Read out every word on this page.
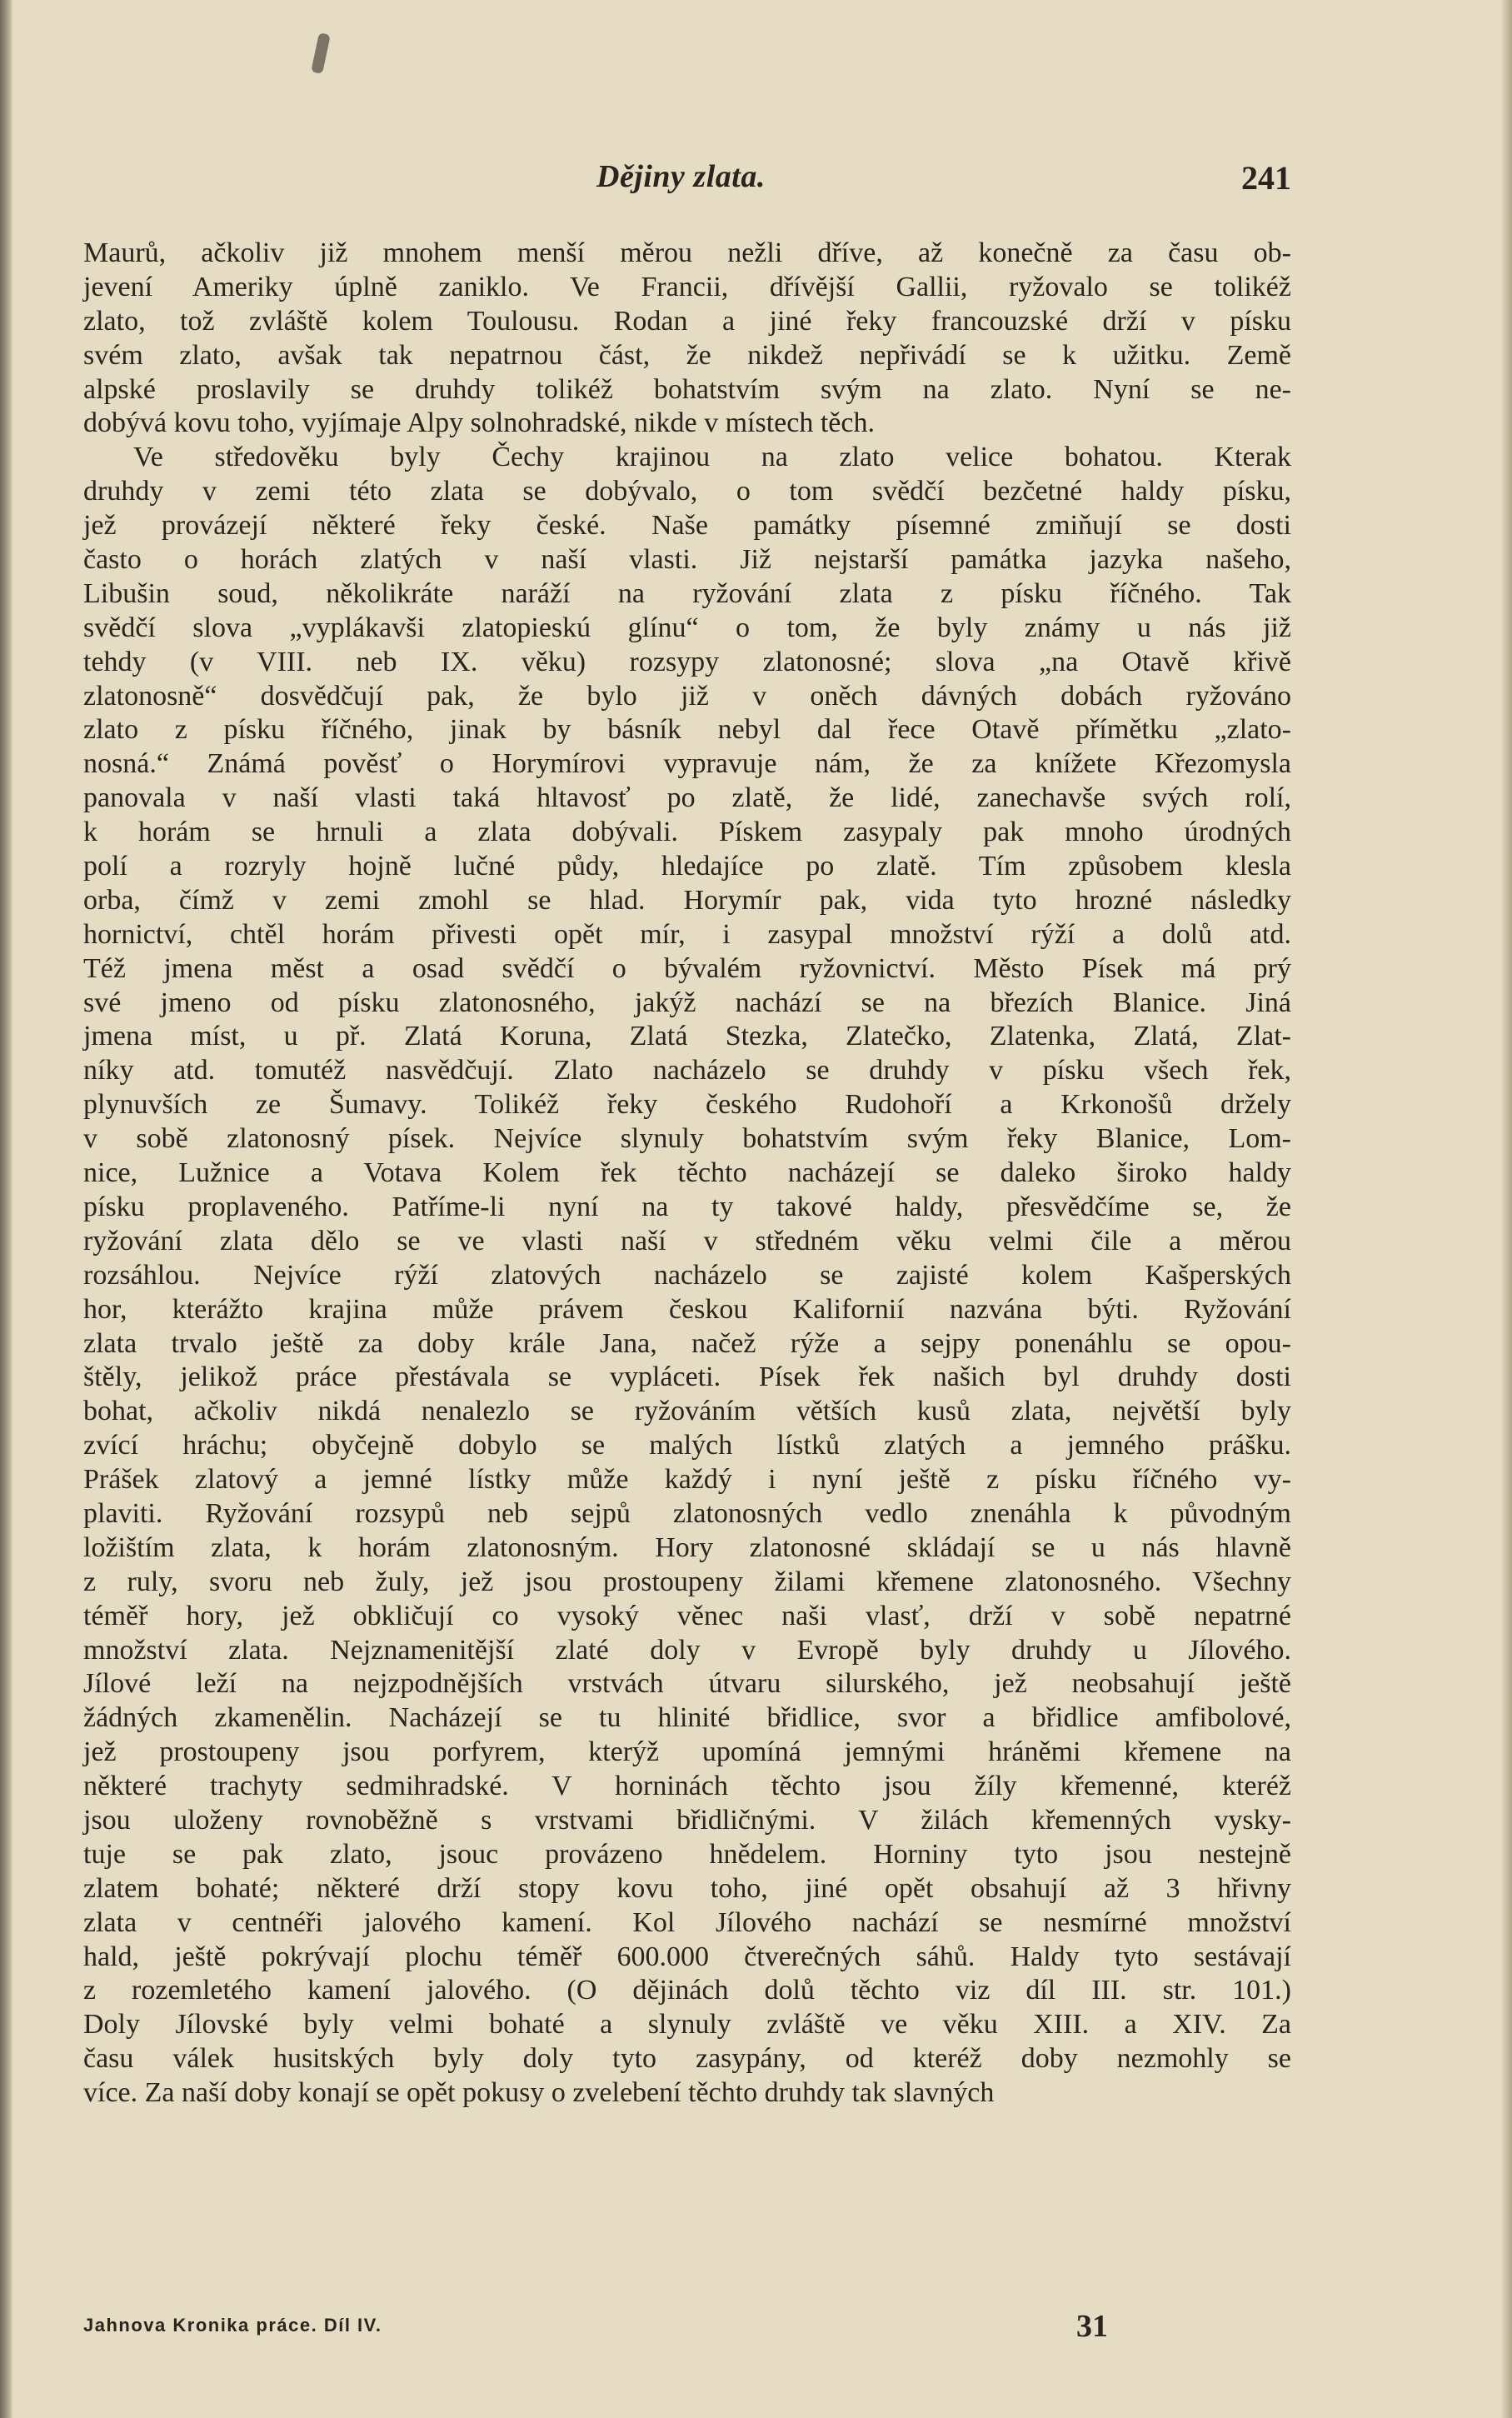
Dějiny zlata.	241
Maurů, ačkoliv již mnohem menší měrou nežli dříve, až konečně za času ob-
jevení Ameriky úplně zaniklo. Ve Francii, dřívější Gallii, ryžovalo se tolikéž
zlato, tož zvláště kolem Toulousu. Rodan a jiné řeky francouzské drží v písku
svém zlato, avšak tak nepatrnou část, že nikdež nepřivádí se k užitku. Země
alpské proslavily se druhdy tolikéž bohatstvím svým na zlato. Nyní se ne-
dobývá kovu toho, vyjímaje Alpy solnohradské, nikde v místech těch.
Ve středověku byly Čechy krajinou na zlato velice bohatou. Kterak
druhdy v zemi této zlata se dobývalo, o tom svědčí bezčetné haldy písku,
jež provázejí některé řeky české. Naše památky písemné zmiňují se dosti
často o horách zlatých v naší vlasti. Již nejstarší památka jazyka našeho,
Libušin soud, několikráte naráží na ryžování zlata z písku říčného. Tak
svědčí slova „vyplákavši zlatopieskú glínu“ o tom, že byly známy u nás již
tehdy (v VIII. neb IX. věku) rozsypy zlatonosné; slova „na Otavě křivě
zlatonosně“ dosvědčují pak, že bylo již v oněch dávných dobách ryžováno
zlato z písku říčného, jinak by básník nebyl dal řece Otavě přímětku „zlato-
nosná.“ Známá pověsť o Horymírovi vypravuje nám, že za knížete Křezomysla
panovala v naší vlasti taká hltavosť po zlatě, že lidé, zanechavše svých rolí,
k horám se hrnuli a zlata dobývali. Pískem zasypaly pak mnoho úrodných
polí a rozryly hojně lučné půdy, hledajíce po zlatě. Tím způsobem klesla
orba, čímž v zemi zmohl se hlad. Horymír pak, vida tyto hrozné následky
hornictví, chtěl horám přivesti opět mír, i zasypal množství rýží a dolů atd.
Též jmena měst a osad svědčí o bývalém ryžovnictví. Město Písek má prý
své jmeno od písku zlatonosného, jakýž nachází se na březích Blanice. Jiná
jmena míst, u př. Zlatá Koruna, Zlatá Stezka, Zlatečko, Zlatenka, Zlatá, Zlat-
níky atd. tomutéž nasvědčují. Zlato nacházelo se druhdy v písku všech řek,
plynuvších ze Šumavy. Tolikéž řeky českého Rudohoří a Krkonošů držely
v sobě zlatonosný písek. Nejvíce slynuly bohatstvím svým řeky Blanice, Lom-
nice, Lužnice a Votava Kolem řek těchto nacházejí se daleko široko haldy
písku proplaveného. Patříme-li nyní na ty takové haldy, přesvědčíme se, že
ryžování zlata dělo se ve vlasti naší v středném věku velmi čile a měrou
rozsáhlou. Nejvíce rýží zlatových nacházelo se zajisté kolem Kašperských
hor, kterážto krajina může právem českou Kalifornií nazvána býti. Ryžování
zlata trvalo ještě za doby krále Jana, načež rýže a sejpy ponenáhlu se opou-
štěly, jelikož práce přestávala se vypláceti. Písek řek našich byl druhdy dosti
bohat, ačkoliv nikdá nenalezlo se ryžováním větších kusů zlata, největší byly
zvící hráchu; obyčejně dobylo se malých lístků zlatých a jemného prášku.
Prášek zlatový a jemné lístky může každý i nyní ještě z písku říčného vy-
plaviti. Ryžování rozsypů neb sejpů zlatonosných vedlo znenáhla k původným
ložištím zlata, k horám zlatonosným. Hory zlatonosné skládají se u nás hlavně
z ruly, svoru neb žuly, jež jsou prostoupeny žilami křemene zlatonosného. Všechny
téměř hory, jež obkličují co vysoký věnec naši vlasť, drží v sobě nepatrné
množství zlata. Nejznamenitější zlaté doly v Evropě byly druhdy u Jílového.
Jílové leží na nejzpodnějších vrstvách útvaru silurského, jež neobsahují ještě
žádných zkamenělin. Nacházejí se tu hlinité břidlice, svor a břidlice amfibolové,
jež prostoupeny jsou porfyrem, kterýž upomíná jemnými hráněmi křemene na
některé trachyty sedmihradské. V horninách těchto jsou žíly křemenné, kteréž
jsou uloženy rovnoběžně s vrstvami břidličnými. V žilách křemenných vysky-
tuje se pak zlato, jsouc provázeno hnědelem. Horniny tyto jsou nestejně
zlatem bohaté; některé drží stopy kovu toho, jiné opět obsahují až 3 hřivny
zlata v centnéři jalového kamení. Kol Jílového nachází se nesmírné množství
hald, ještě pokrývají plochu téměř 600.000 čtverečných sáhů. Haldy tyto sestávají
z rozemletého kamení jalového. (O dějinách dolů těchto viz díl III. str. 101.)
Doly Jílovské byly velmi bohaté a slynuly zvláště ve věku XIII. a XIV. Za
času válek husitských byly doly tyto zasypány, od kteréž doby nezmohly se
více. Za naší doby konají se opět pokusy o zvelebení těchto druhdy tak slavných
Jahnova Kronika práce. Díl IV.	31
